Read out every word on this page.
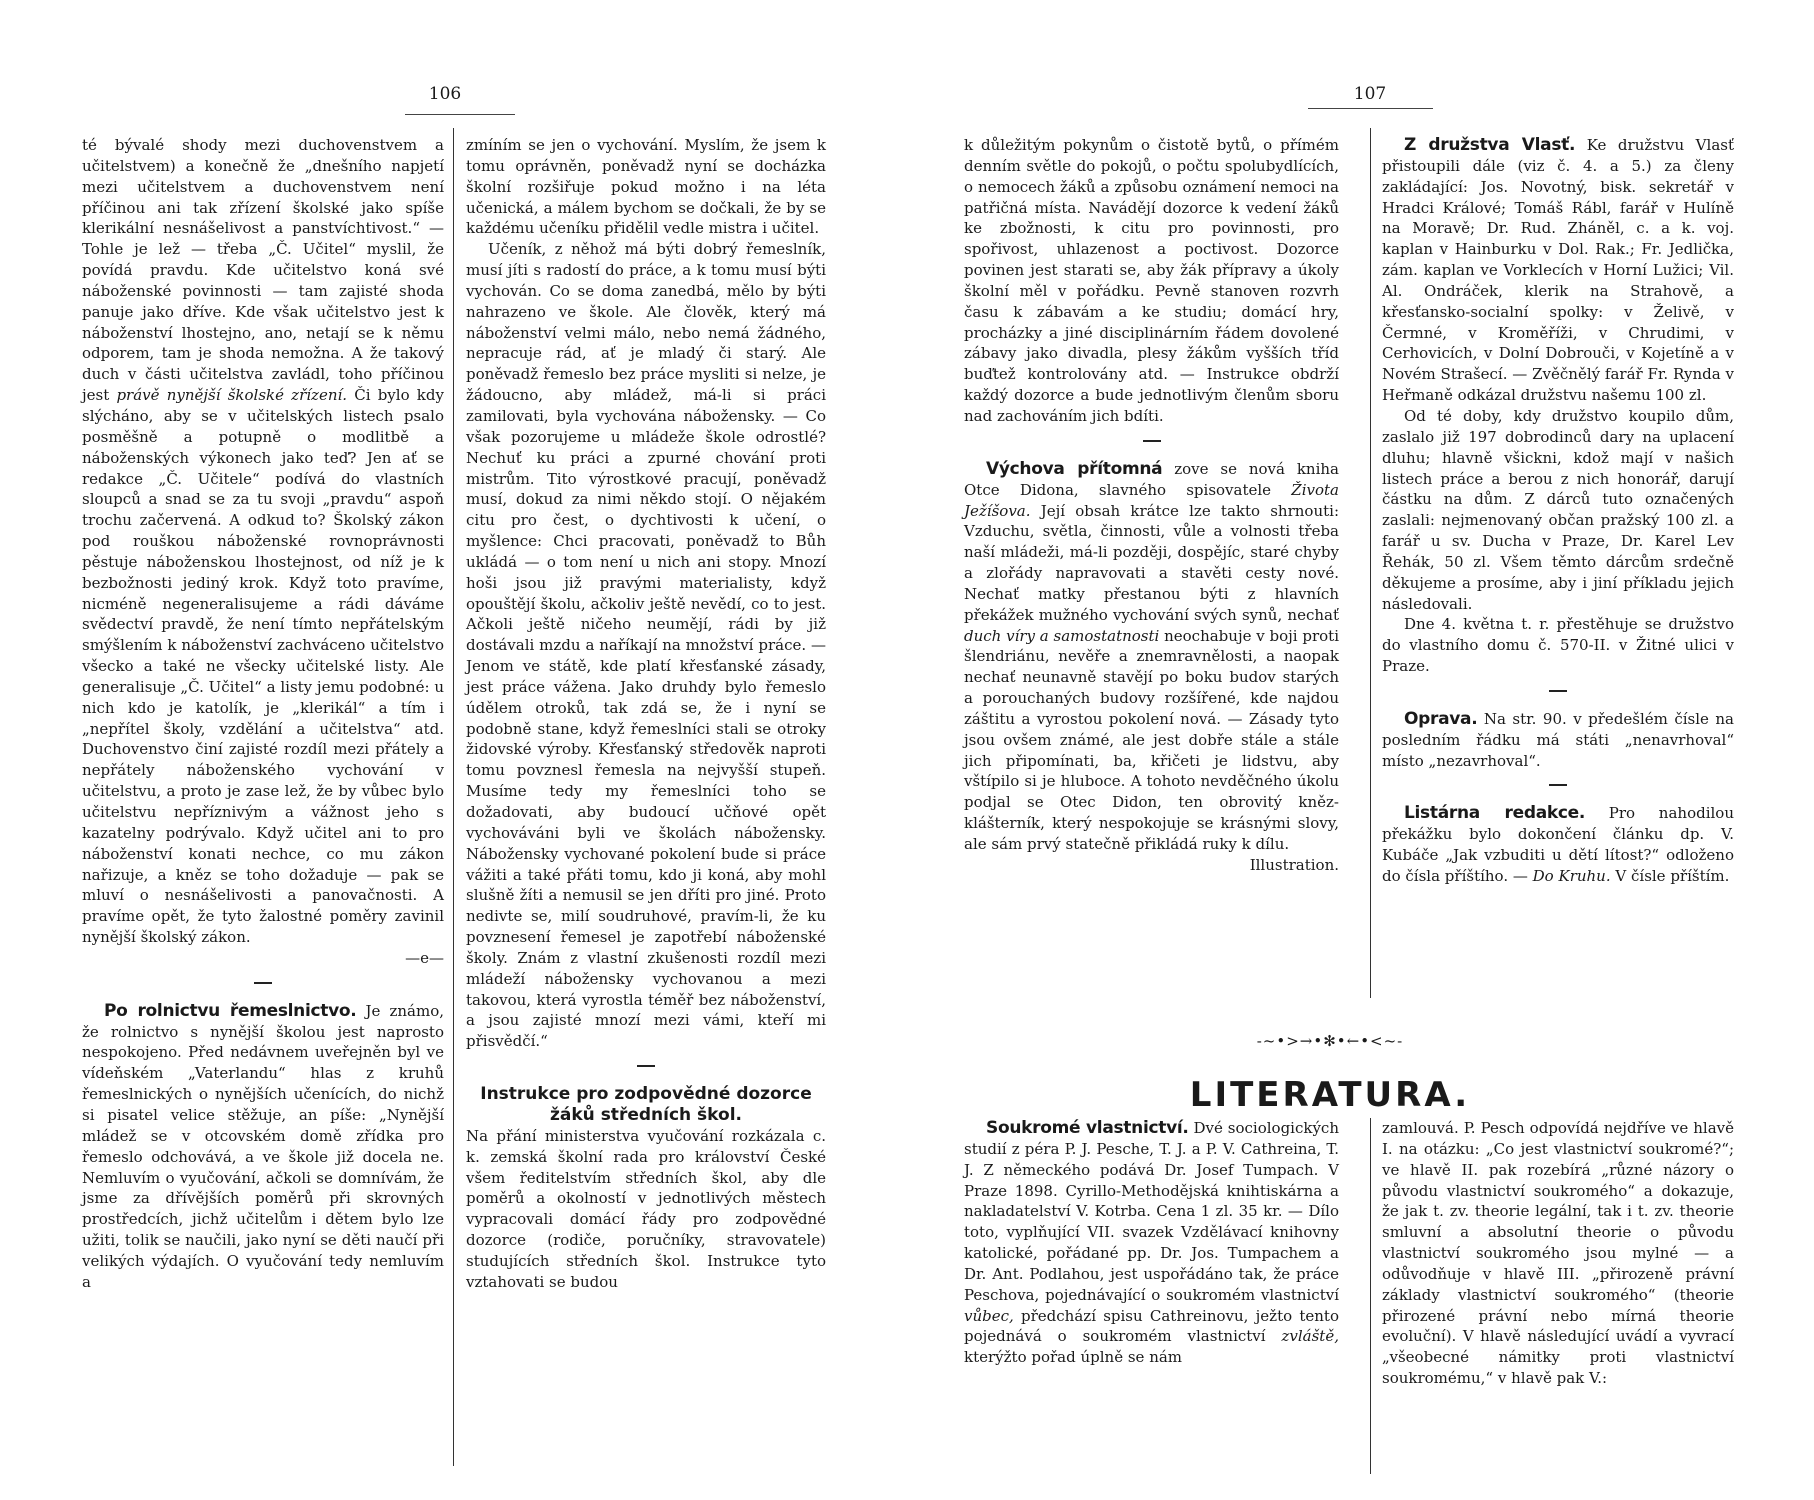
106	107

té bývalé shody mezi duchovenstvem a učitelstvem) a konečně že „dnešního napjetí mezi učitelstvem a duchovenstvem není příčinou ani tak zřízení školské jako spíše klerikální nesnášelivost a panstvíchtivost.“ — Tohle je lež — třeba „Č. Učitel“ myslil, že povídá pravdu. Kde učitelstvo koná své náboženské povinnosti — tam zajisté shoda panuje jako dříve. Kde však učitelstvo jest k náboženství lhostejno, ano, netají se k němu odporem, tam je shoda nemožna. A že takový duch v části učitelstva zavládl, toho příčinou jest právě nynější školské zřízení. Či bylo kdy slýcháno, aby se v učitelských listech psalo posměšně a potupně o modlitbě a náboženských výkonech jako teď? Jen ať se redakce „Č. Učitele“ podívá do vlastních sloupců a snad se za tu svoji „pravdu“ aspoň trochu začervená. A odkud to? Školský zákon pod rouškou náboženské rovnoprávnosti pěstuje náboženskou lhostejnost, od níž je k bezbožnosti jediný krok. Když toto pravíme, nicméně negeneralisujeme a rádi dáváme svědectví pravdě, že není tímto nepřátelským smýšlením k náboženství zachváceno učitelstvo všecko a také ne všecky učitelské listy. Ale generalisuje „Č. Učitel“ a listy jemu podobné: u nich kdo je katolík, je „klerikál“ a tím i „nepřítel školy, vzdělání a učitelstva“ atd. Duchovenstvo činí zajisté rozdíl mezi přátely a nepřátely náboženského vychování v učitelstvu, a proto je zase lež, že by vůbec bylo učitelstvu nepříznivým a vážnost jeho s kazatelny podrývalo. Když učitel ani to pro náboženství konati nechce, co mu zákon nařizuje, a kněz se toho dožaduje — pak se mluví o nesnášelivosti a panovačnosti. A pravíme opět, že tyto žalostné poměry zavinil nynější školský zákon.

—e—

Po rolnictvu řemeslnictvo. Je známo, že rolnictvo s nynější školou jest naprosto nespokojeno. Před nedávnem uveřejněn byl ve vídeňském „Vaterlandu“ hlas z kruhů řemeslnických o nynějších učenících, do nichž si pisatel velice stěžuje, an píše: „Nynější mládež se v otcovském domě zřídka pro řemeslo odchovává, a ve škole již docela ne. Nemluvím o vyučování, ačkoli se domnívám, že jsme za dřívějších poměrů při skrovných prostředcích, jichž učitelům i dětem bylo lze užiti, tolik se naučili, jako nyní se děti naučí při velikých výdajích. O vyučování tedy nemluvím a

zmíním se jen o vychování. Myslím, že jsem k tomu oprávněn, poněvadž nyní se docházka školní rozšiřuje pokud možno i na léta učenická, a málem bychom se dočkali, že by se každému učeníku přidělil vedle mistra i učitel.

Učeník, z něhož má býti dobrý řemeslník, musí jíti s radostí do práce, a k tomu musí býti vychován. Co se doma zanedbá, mělo by býti nahrazeno ve škole. Ale člověk, který má náboženství velmi málo, nebo nemá žádného, nepracuje rád, ať je mladý či starý. Ale poněvadž řemeslo bez práce mysliti si nelze, je žádoucno, aby mládež, má-li si práci zamilovati, byla vychována nábožensky. — Co však pozorujeme u mládeže škole odrostlé? Nechuť ku práci a zpurné chování proti mistrům. Tito výrostkové pracují, poněvadž musí, dokud za nimi někdo stojí. O nějakém citu pro čest, o dychtivosti k učení, o myšlence: Chci pracovati, poněvadž to Bůh ukládá — o tom není u nich ani stopy. Mnozí hoši jsou již pravými materialisty, když opouštějí školu, ačkoliv ještě nevědí, co to jest. Ačkoli ještě ničeho neumějí, rádi by již dostávali mzdu a naříkají na množství práce. — Jenom ve státě, kde platí křesťanské zásady, jest práce vážena. Jako druhdy bylo řemeslo údělem otroků, tak zdá se, že i nyní se podobně stane, když řemeslníci stali se otroky židovské výroby. Křesťanský středověk naproti tomu povznesl řemesla na nejvyšší stupeň. Musíme tedy my řemeslníci toho se dožadovati, aby budoucí učňové opět vychováváni byli ve školách nábožensky. Nábožensky vychované pokolení bude si práce vážiti a také přáti tomu, kdo ji koná, aby mohl slušně žíti a nemusil se jen dříti pro jiné. Proto nedivte se, milí soudruhové, pravím-li, že ku povznesení řemesel je zapotřebí náboženské školy. Znám z vlastní zkušenosti rozdíl mezi mládeží nábožensky vychovanou a mezi takovou, která vyrostla téměř bez náboženství, a jsou zajisté mnozí mezi vámi, kteří mi přisvědčí.“

Instrukce pro zodpovědné dozorce žáků středních škol.
Na přání ministerstva vyučování rozkázala c. k. zemská školní rada pro království České všem ředitelstvím středních škol, aby dle poměrů a okolností v jednotlivých městech vypracovali domácí řády pro zodpovědné dozorce (rodiče, poručníky, stravovatele) studujících středních škol. Instrukce tyto vztahovati se budou

k důležitým pokynům o čistotě bytů, o přímém denním světle do pokojů, o počtu spolubydlících, o nemocech žáků a způsobu oznámení nemoci na patřičná místa. Navádějí dozorce k vedení žáků ke zbožnosti, k citu pro povinnosti, pro spořivost, uhlazenost a poctivost. Dozorce povinen jest starati se, aby žák přípravy a úkoly školní měl v pořádku. Pevně stanoven rozvrh času k zábavám a ke studiu; domácí hry, procházky a jiné disciplinárním řádem dovolené zábavy jako divadla, plesy žákům vyšších tříd buďtež kontrolovány atd. — Instrukce obdrží každý dozorce a bude jednotlivým členům sboru nad zachováním jich bdíti.

Výchova přítomná zove se nová kniha Otce Didona, slavného spisovatele Života Ježíšova. Její obsah krátce lze takto shrnouti: Vzduchu, světla, činnosti, vůle a volnosti třeba naší mládeži, má-li později, dospějíc, staré chyby a zlořády napravovati a stavěti cesty nové. Nechať matky přestanou býti z hlavních překážek mužného vychování svých synů, nechať duch víry a samostatnosti neochabuje v boji proti šlendriánu, nevěře a znemravnělosti, a naopak nechať neunavně stavějí po boku budov starých a porouchaných budovy rozšířené, kde najdou záštitu a vyrostou pokolení nová. — Zásady tyto jsou ovšem známé, ale jest dobře stále a stále jich připomínati, ba, křičeti je lidstvu, aby vštípilo si je hluboce. A tohoto nevděčného úkolu podjal se Otec Didon, ten obrovitý kněz-klášterník, který nespokojuje se krásnými slovy, ale sám prvý statečně přikládá ruky k dílu.

Illustration.

Z družstva Vlasť. Ke družstvu Vlasť přistoupili dále (viz č. 4. a 5.) za členy zakládající: Jos. Novotný, bisk. sekretář v Hradci Králové; Tomáš Rábl, farář v Hulíně na Moravě; Dr. Rud. Zháněl, c. a k. voj. kaplan v Hainburku v Dol. Rak.; Fr. Jedlička, zám. kaplan ve Vorklecích v Horní Lužici; Vil. Al. Ondráček, klerik na Strahově, a křesťansko-socialní spolky: v Želivě, v Čermné, v Kroměříži, v Chrudimi, v Cerhovicích, v Dolní Dobrouči, v Kojetíně a v Novém Strašecí. — Zvěčnělý farář Fr. Rynda v Heřmaně odkázal družstvu našemu 100 zl.

Od té doby, kdy družstvo koupilo dům, zaslalo již 197 dobrodinců dary na uplacení dluhu; hlavně všickni, kdož mají v našich listech práce a berou z nich honorář, darují částku na dům. Z dárců tuto označených zaslali: nejmenovaný občan pražský 100 zl. a farář u sv. Ducha v Praze, Dr. Karel Lev Řehák, 50 zl. Všem těmto dárcům srdečně děkujeme a prosíme, aby i jiní příkladu jejich následovali.

Dne 4. května t. r. přestěhuje se družstvo do vlastního domu č. 570-II. v Žitné ulici v Praze.

Oprava. Na str. 90. v předešlém čísle na posledním řádku má státi „nenavrhoval“ místo „nezavrhoval“.

Listárna redakce. Pro nahodilou překážku bylo dokončení článku dp. V. Kubáče „Jak vzbuditi u dětí lítost?“ odloženo do čísla příštího. — Do Kruhu. V čísle příštím.

-~•>→•✻•←•<~-
LITERATURA.

Soukromé vlastnictví. Dvé sociologických studií z péra P. J. Pesche, T. J. a P. V. Cathreina, T. J. Z německého podává Dr. Josef Tumpach. V Praze 1898. Cyrillo-Methodějská knihtiskárna a nakladatelství V. Kotrba. Cena 1 zl. 35 kr. — Dílo toto, vyplňující VII. svazek Vzdělávací knihovny katolické, pořádané pp. Dr. Jos. Tumpachem a Dr. Ant. Podlahou, jest uspořádáno tak, že práce Peschova, pojednávající o soukromém vlastnictví vůbec, předchází spisu Cathreinovu, ježto tento pojednává o soukromém vlastnictví zvláště, kterýžto pořad úplně se nám

zamlouvá. P. Pesch odpovídá nejdříve ve hlavě I. na otázku: „Co jest vlastnictví soukromé?“; ve hlavě II. pak rozebírá „různé názory o původu vlastnictví soukromého“ a dokazuje, že jak t. zv. theorie legální, tak i t. zv. theorie smluvní a absolutní theorie o původu vlastnictví soukromého jsou mylné — a odůvodňuje v hlavě III. „přirozeně právní základy vlastnictví soukromého“ (theorie přirozené právní nebo mírná theorie evoluční). V hlavě následující uvádí a vyvrací „všeobecné námitky proti vlastnictví soukromému,“ v hlavě pak V.:
